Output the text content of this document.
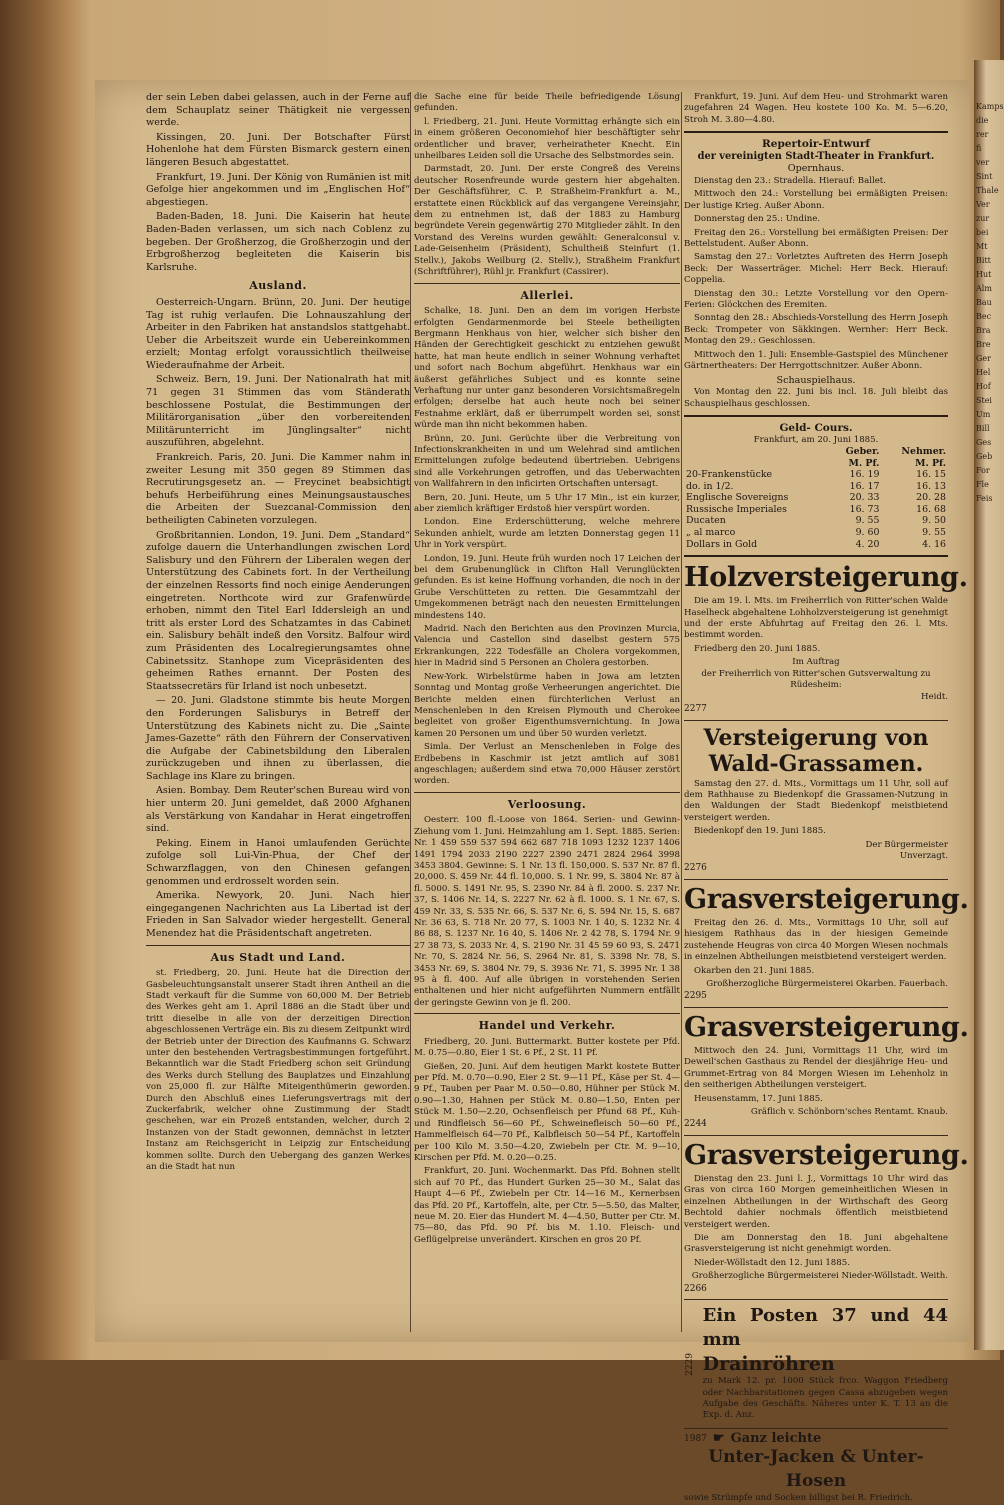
der sein Leben dabei gelassen, auch in der Ferne auf dem Schauplatz seiner Thätigkeit nie vergessen werde.

Kissingen, 20. Juni. Der Botschafter Fürst Hohenlohe hat dem Fürsten Bismarck gestern einen längeren Besuch abgestattet.

Frankfurt, 19. Juni. Der König von Rumänien ist mit Gefolge hier angekommen und im „Englischen Hof“ abgestiegen.

Baden-Baden, 18. Juni. Die Kaiserin hat heute Baden-Baden verlassen, um sich nach Coblenz zu begeben. Der Großherzog, die Großherzogin und der Erbgroßherzog begleiteten die Kaiserin bis Karlsruhe.

Ausland.

Oesterreich-Ungarn. Brünn, 20. Juni. Der heutige Tag ist ruhig verlaufen. Die Lohnauszahlung der Arbeiter in den Fabriken hat anstandslos stattgehabt. Ueber die Arbeitszeit wurde ein Uebereinkommen erzielt; Montag erfolgt voraussichtlich theilweise Wiederaufnahme der Arbeit.

Schweiz. Bern, 19. Juni. Der Nationalrath hat mit 71 gegen 31 Stimmen das vom Ständerath beschlossene Postulat, die Bestimmungen der Militärorganisation „über den vorbereitenden Militärunterricht im Jünglingsalter“ nicht auszuführen, abgelehnt.

Frankreich. Paris, 20. Juni. Die Kammer nahm in zweiter Lesung mit 350 gegen 89 Stimmen das Recrutirungsgesetz an. — Freycinet beabsichtigt behufs Herbeiführung eines Meinungsaustausches die Arbeiten der Suezcanal-Commission den betheiligten Cabineten vorzulegen.

Großbritannien. London, 19. Juni. Dem „Standard“ zufolge dauern die Unterhandlungen zwischen Lord Salisbury und den Führern der Liberalen wegen der Unterstützung des Cabinets fort. In der Vertheilung der einzelnen Ressorts find noch einige Aenderungen eingetreten. Northcote wird zur Grafenwürde erhoben, nimmt den Titel Earl Iddersleigh an und tritt als erster Lord des Schatzamtes in das Cabinet ein. Salisbury behält indeß den Vorsitz. Balfour wird zum Präsidenten des Localregierungsamtes ohne Cabinetssitz. Stanhope zum Vicepräsidenten des geheimen Rathes ernannt. Der Posten des Staatssecretärs für Irland ist noch unbesetzt.

— 20. Juni. Gladstone stimmte bis heute Morgen den Forderungen Salisburys in Betreff der Unterstützung des Kabinets nicht zu. Die „Sainte James-Gazette“ räth den Führern der Conservativen die Aufgabe der Cabinetsbildung den Liberalen zurückzugeben und ihnen zu überlassen, die Sachlage ins Klare zu bringen.

Asien. Bombay. Dem Reuter'schen Bureau wird von hier unterm 20. Juni gemeldet, daß 2000 Afghanen als Verstärkung von Kandahar in Herat eingetroffen sind.

Peking. Einem in Hanoi umlaufenden Gerüchte zufolge soll Lui-Vin-Phua, der Chef der Schwarzflaggen, von den Chinesen gefangen genommen und erdrosselt worden sein.

Amerika. Newyork, 20. Juni. Nach hier eingegangenen Nachrichten aus La Libertad ist der Frieden in San Salvador wieder hergestellt. General Menendez hat die Präsidentschaft angetreten.

Aus Stadt und Land.

st. Friedberg, 20. Juni. Heute hat die Direction der Gasbeleuchtungsanstalt unserer Stadt ihren Antheil an die Stadt verkauft für die Summe von 60,000 M. Der Betrieb des Werkes geht am 1. April 1886 an die Stadt über und tritt dieselbe in alle von der derzeitigen Direction abgeschlossenen Verträge ein. Bis zu diesem Zeitpunkt wird der Betrieb unter der Direction des Kaufmanns G. Schwarz unter den bestehenden Vertragsbestimmungen fortgeführt. Bekanntlich war die Stadt Friedberg schon seit Gründung des Werks durch Stellung des Bauplatzes und Einzahlung von 25,000 fl. zur Hälfte Miteigenthümerin geworden. Durch den Abschluß eines Lieferungsvertrags mit der Zuckerfabrik, welcher ohne Zustimmung der Stadt geschehen, war ein Prozeß entstanden, welcher, durch 2 Instanzen von der Stadt gewonnen, demnächst in letzter Instanz am Reichsgericht in Leipzig zur Entscheidung kommen sollte. Durch den Uebergang des ganzen Werkes an die Stadt hat nun

die Sache eine für beide Theile befriedigende Lösung gefunden.

l. Friedberg, 21. Juni. Heute Vormittag erhängte sich ein in einem größeren Oeconomiehof hier beschäftigter sehr ordentlicher und braver, verheiratheter Knecht. Ein unheilbares Leiden soll die Ursache des Selbstmordes sein.

Darmstadt, 20. Juni. Der erste Congreß des Vereins deutscher Rosenfreunde wurde gestern hier abgehalten. Der Geschäftsführer, C. P. Straßheim-Frankfurt a. M., erstattete einen Rückblick auf das vergangene Vereinsjahr, dem zu entnehmen ist, daß der 1883 zu Hamburg begründete Verein gegenwärtig 270 Mitglieder zählt. In den Vorstand des Vereins wurden gewählt: Generalconsul v. Lade-Geisenheim (Präsident), Schultheiß Steinfurt (1. Stellv.), Jakobs Weilburg (2. Stellv.), Straßheim Frankfurt (Schriftführer), Rühl jr. Frankfurt (Cassirer).

Allerlei.

Schalke, 18. Juni. Den an dem im vorigen Herbste erfolgten Gendarmenmorde bei Steele betheiligten Bergmann Henkhaus von hier, welcher sich bisher den Händen der Gerechtigkeit geschickt zu entziehen gewußt hatte, hat man heute endlich in seiner Wohnung verhaftet und sofort nach Bochum abgeführt. Henkhaus war ein äußerst gefährliches Subject und es konnte seine Verhaftung nur unter ganz besonderen Vorsichtsmaßregeln erfolgen; derselbe hat auch heute noch bei seiner Festnahme erklärt, daß er überrumpelt worden sei, sonst würde man ihn nicht bekommen haben.

Brünn, 20. Juni. Gerüchte über die Verbreitung von Infectionskrankheiten in und um Welehrad sind amtlichen Ermittelungen zufolge bedeutend übertrieben. Uebrigens sind alle Vorkehrungen getroffen, und das Ueberwachten von Wallfahrern in den inficirten Ortschaften untersagt.

Bern, 20. Juni. Heute, um 5 Uhr 17 Min., ist ein kurzer, aber ziemlich kräftiger Erdstoß hier verspürt worden.

London. Eine Erderschütterung, welche mehrere Sekunden anhielt, wurde am letzten Donnerstag gegen 11 Uhr in York verspürt.

London, 19. Juni. Heute früh wurden noch 17 Leichen der bei dem Grubenunglück in Clifton Hall Verunglückten gefunden. Es ist keine Hoffnung vorhanden, die noch in der Grube Verschütteten zu retten. Die Gesammtzahl der Umgekommenen beträgt nach den neuesten Ermittelungen mindestens 140.

Madrid. Nach den Berichten aus den Provinzen Murcia, Valencia und Castellon sind daselbst gestern 575 Erkrankungen, 222 Todesfälle an Cholera vorgekommen, hier in Madrid sind 5 Personen an Cholera gestorben.

New-York. Wirbelstürme haben in Jowa am letzten Sonntag und Montag große Verheerungen angerichtet. Die Berichte melden einen fürchterlichen Verlust an Menschenleben in den Kreisen Plymouth und Cherokee begleitet von großer Eigenthumsvernichtung. In Jowa kamen 20 Personen um und über 50 wurden verletzt.

Simla. Der Verlust an Menschenleben in Folge des Erdbebens in Kaschmir ist jetzt amtlich auf 3081 angeschlagen; außerdem sind etwa 70,000 Häuser zerstört worden.

Verloosung.

Oesterr. 100 fl.-Loose von 1864. Serien- und Gewinn-Ziehung vom 1. Juni. Heimzahlung am 1. Sept. 1885. Serien: Nr. 1 459 559 537 594 662 687 718 1093 1232 1237 1406 1491 1794 2033 2190 2227 2390 2471 2824 2964 3998 3453 3804. Gewinne: S. 1 Nr. 13 fl. 150,000. S. 537 Nr. 87 fl. 20,000. S. 459 Nr. 44 fl. 10,000. S. 1 Nr. 99, S. 3804 Nr. 87 à fl. 5000. S. 1491 Nr. 95, S. 2390 Nr. 84 à fl. 2000. S. 237 Nr. 37, S. 1406 Nr. 14, S. 2227 Nr. 62 à fl. 1000. S. 1 Nr. 67, S. 459 Nr. 33, S. 535 Nr. 66, S. 537 Nr. 6, S. 594 Nr. 15, S. 687 Nr. 36 63, S. 718 Nr. 20 77, S. 1003 Nr. 1 40, S. 1232 Nr. 4 86 88, S. 1237 Nr. 16 40, S. 1406 Nr. 2 42 78, S. 1794 Nr. 9 27 38 73, S. 2033 Nr. 4, S. 2190 Nr. 31 45 59 60 93, S. 2471 Nr. 70, S. 2824 Nr. 56, S. 2964 Nr. 81, S. 3398 Nr. 78, S. 3453 Nr. 69, S. 3804 Nr. 79, S. 3936 Nr. 71, S. 3995 Nr. 1 38 95 à fl. 400. Auf alle übrigen in vorstehenden Serien enthaltenen und hier nicht aufgeführten Nummern entfällt der geringste Gewinn von je fl. 200.

Handel und Verkehr.

Friedberg, 20. Juni. Buttermarkt. Butter kostete per Pfd. M. 0.75—0.80, Eier 1 St. 6 Pf., 2 St. 11 Pf.

Gießen, 20. Juni. Auf dem heutigen Markt kostete Butter per Pfd. M. 0.70—0.90, Eier 2 St. 9—11 Pf., Käse per St. 4—9 Pf., Tauben per Paar M. 0.50—0.80, Hühner per Stück M. 0.90—1.30, Hahnen per Stück M. 0.80—1.50, Enten per Stück M. 1.50—2.20, Ochsenfleisch per Pfund 68 Pf., Kuh- und Rindfleisch 56—60 Pf., Schweinefleisch 50—60 Pf., Hammelfleisch 64—70 Pf., Kalbfleisch 50—54 Pf., Kartoffeln per 100 Kilo M. 3.50—4.20, Zwiebeln per Ctr. M. 9—10, Kirschen per Pfd. M. 0.20—0.25.

Frankfurt, 20. Juni. Wochenmarkt. Das Pfd. Bohnen stellt sich auf 70 Pf., das Hundert Gurken 25—30 M., Salat das Haupt 4—6 Pf., Zwiebeln per Ctr. 14—16 M., Kernerbsen das Pfd. 20 Pf., Kartoffeln, alte, per Ctr. 5—5.50, das Malter, neue M. 20. Eier das Hundert M. 4—4.50, Butter per Ctr. M. 75—80, das Pfd. 90 Pf. bis M. 1.10. Fleisch- und Geflügelpreise unverändert. Kirschen en gros 20 Pf.

Frankfurt, 19. Juni. Auf dem Heu- und Strohmarkt waren zugefahren 24 Wagen. Heu kostete 100 Ko. M. 5—6.20, Stroh M. 3.80—4.80.

Repertoir-Entwurf
der vereinigten Stadt-Theater in Frankfurt.
Opernhaus.

Dienstag den 23.: Stradella. Hierauf: Ballet.

Mittwoch den 24.: Vorstellung bei ermäßigten Preisen: Der lustige Krieg. Außer Abonn.

Donnerstag den 25.: Undine.

Freitag den 26.: Vorstellung bei ermäßigten Preisen: Der Bettelstudent. Außer Abonn.

Samstag den 27.: Vorletztes Auftreten des Herrn Joseph Beck: Der Wasserträger. Michel: Herr Beck. Hierauf: Coppelia.

Dienstag den 30.: Letzte Vorstellung vor den Opern-Ferien: Glöckchen des Eremiten.

Sonntag den 28.: Abschieds-Vorstellung des Herrn Joseph Beck: Trompeter von Säkkingen. Wernher: Herr Beck. Montag den 29.: Geschlossen.

Mittwoch den 1. Juli: Ensemble-Gastspiel des Münchener Gärtnertheaters: Der Herrgottschnitzer. Außer Abonn.

Schauspielhaus.

Von Montag den 22. Juni bis incl. 18. Juli bleibt das Schauspielhaus geschlossen.

Geld- Cours.
Frankfurt, am 20. Juni 1885.
	Geber.	Nehmer.
	M. Pf.	M. Pf.
20-Frankenstücke	16. 19	16. 15
do. in 1/2.	16. 17	16. 13
Englische Sovereigns	20. 33	20. 28
Russische Imperiales	16. 73	16. 68
Ducaten	9. 55	9. 50
„ al marco	9. 60	9. 55
Dollars in Gold	4. 20	4. 16
Holzversteigerung.

Die am 19. l. Mts. im Freiherrlich von Ritter'schen Walde Haselheck abgehaltene Lohholzversteigerung ist genehmigt und der erste Abfuhrtag auf Freitag den 26. l. Mts. bestimmt worden.

Friedberg den 20. Juni 1885.

Im Auftrag
der Freiherrlich von Ritter'schen Gutsverwaltung zu Rüdesheim:
Heidt.
2277
Versteigerung von Wald-Grassamen.

Samstag den 27. d. Mts., Vormittags um 11 Uhr, soll auf dem Rathhause zu Biedenkopf die Grassamen-Nutzung in den Waldungen der Stadt Biedenkopf meistbietend versteigert werden.

Biedenkopf den 19. Juni 1885.

Der Bürgermeister
Unverzagt.
2276
Grasversteigerung.

Freitag den 26. d. Mts., Vormittags 10 Uhr, soll auf hiesigem Rathhaus das in der hiesigen Gemeinde zustehende Heugras von circa 40 Morgen Wiesen nochmals in einzelnen Abtheilungen meistbietend versteigert werden.

Okarben den 21. Juni 1885.

Großherzogliche Bürgermeisterei Okarben. Fauerbach.
2295
Grasversteigerung.

Mittwoch den 24. Juni, Vormittags 11 Uhr, wird im Deweil'schen Gasthaus zu Rendel der diesjährige Heu- und Grummet-Ertrag von 84 Morgen Wiesen im Lehenholz in den seitherigen Abtheilungen versteigert.

Heusenstamm, 17. Juni 1885.

Gräflich v. Schönborn'sches Rentamt. Knaub.
2244
Grasversteigerung.

Dienstag den 23. Juni l. J., Vormittags 10 Uhr wird das Gras von circa 160 Morgen gemeinheitlichen Wiesen in einzelnen Abtheilungen in der Wirthschaft des Georg Bechtold dahier nochmals öffentlich meistbietend versteigert werden.

Die am Donnerstag den 18. Juni abgehaltene Grasversteigerung ist nicht genehmigt worden.

Nieder-Wöllstadt den 12. Juni 1885.

Großherzogliche Bürgermeisterei Nieder-Wöllstadt. Weith.
2266
2229
Ein Posten 37 und 44 mm
Drainröhren

zu Mark 12. pr. 1000 Stück frco. Waggon Friedberg oder Nachbarstationen gegen Cassa abzugeben wegen Aufgabe des Geschäfts. Näheres unter K. T. 13 an die Exp. d. Anz.

1987 ☛ Ganz leichte
Unter-Jacken & Unter-Hosen

sowie Strümpfe und Socken billigst bei R. Friedrich.

Kamps
die
rer
fi
ver
Sint
Thale
Ver
zur
bei
Mt
Bitt
Hut
Alm
Bau
Bec
Bra
Bre
Ger
Hel
Hof
Stei
Um
Bill
Ges
Geb
For
Fle
Feis
